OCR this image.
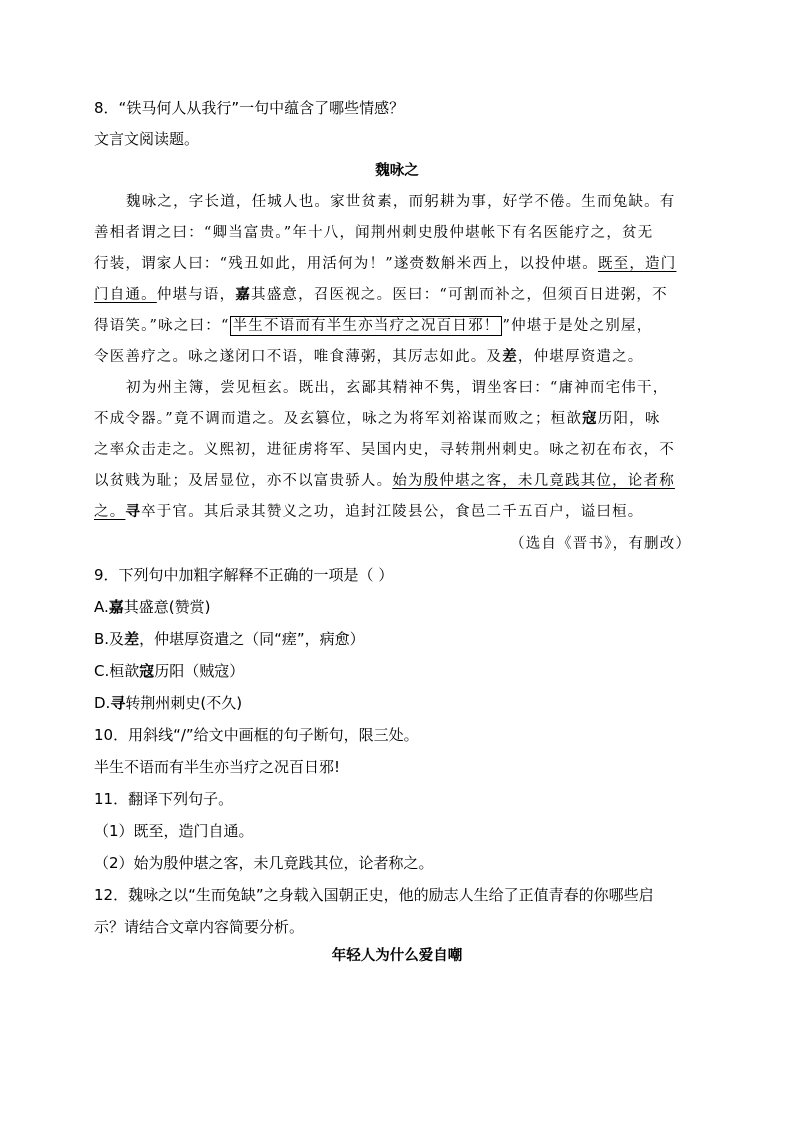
8．“铁马何人从我行”一句中蕴含了哪些情感？
文言文阅读题。
魏咏之
魏咏之，字长道，任城人也。家世贫素，而躬耕为事，好学不倦。生而兔缺。有
善相者谓之曰：“卿当富贵。”年十八，闻荆州刺史殷仲堪帐下有名医能疗之，贫无
行装，谓家人曰：“残丑如此，用活何为！”遂赍数斛米西上，以投仲堪。既至，造门
门自通。仲堪与语，嘉其盛意，召医视之。医曰：“可割而补之，但须百日进粥，不
得语笑。”咏之曰：“ 半生不语而有半生亦当疗之况百日邪！ ”仲堪于是处之别屋，
令医善疗之。咏之遂闭口不语，唯食薄粥，其厉志如此。及差，仲堪厚资遣之。
初为州主簿，尝见桓玄。既出，玄鄙其精神不隽，谓坐客曰：“庸神而宅伟干，
不成令器。”竟不调而遣之。及玄篡位，咏之为将军刘裕谋而败之；桓歆寇历阳，咏
之率众击走之。义熙初，进征虏将军、吴国内史，寻转荆州刺史。咏之初在布衣，不
以贫贱为耻；及居显位，亦不以富贵骄人。始为殷仲堪之客，未几竟践其位，论者称
之。寻卒于官。其后录其赞义之功，追封江陵县公，食邑二千五百户，谥曰桓。
（选自《晋书》，有删改）
9．下列句中加粗字解释不正确的一项是（ ）
A.嘉其盛意(赞赏)
B.及差，仲堪厚资遣之（同“瘥”，病愈）
C.桓歆寇历阳（贼寇）
D.寻转荆州刺史(不久)
10．用斜线“/”给文中画框的句子断句，限三处。
半生不语而有半生亦当疗之况百日邪!
11．翻译下列句子。
（1）既至，造门自通。
（2）始为殷仲堪之客，未几竟践其位，论者称之。
12．魏咏之以“生而兔缺”之身载入国朝正史，他的励志人生给了正值青春的你哪些启
示？请结合文章内容简要分析。
年轻人为什么爱自嘲
